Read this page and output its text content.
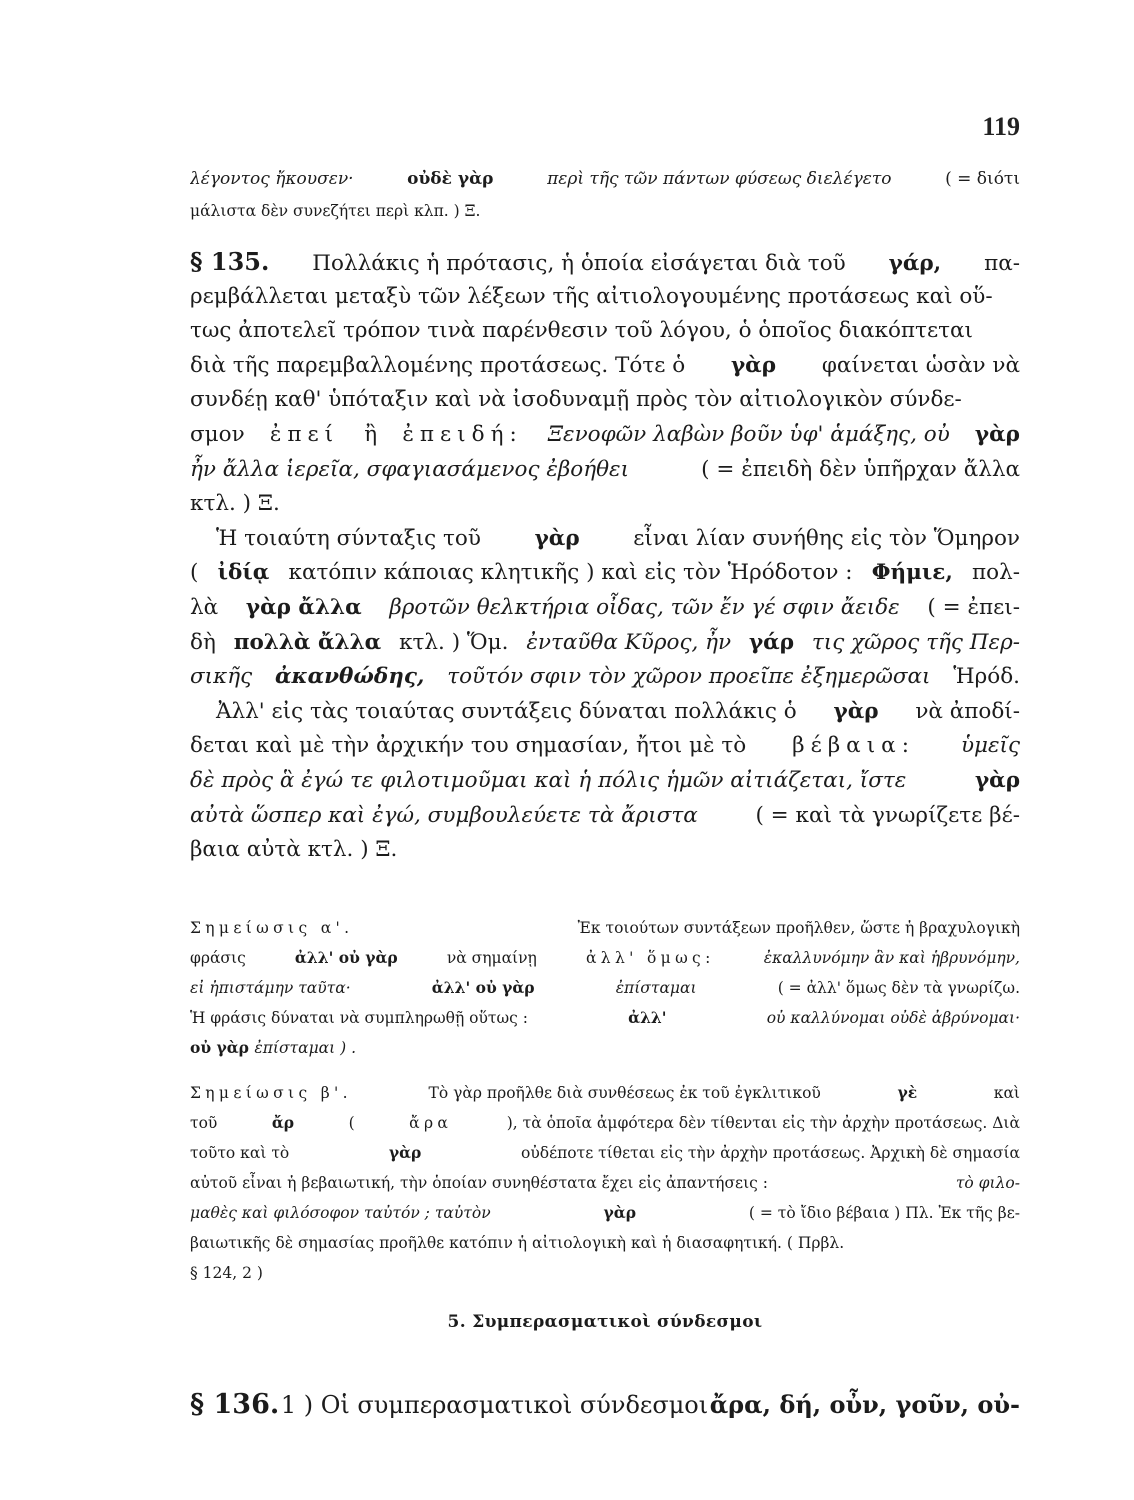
119
λέγοντος ἤκουσεν·	οὐδὲ γὰρ	περὶ τῆς τῶν πάντων φύσεως διελέγετο	( = διότι
μάλιστα δὲν συνεζήτει περὶ κλπ. ) Ξ.
§ 135. Πολλάκις ἡ πρότασις, ἡ ὁποία εἰσάγεται διὰ τοῦ γάρ, πα-
ρεμβάλλεται μεταξὺ τῶν λέξεων τῆς αἰτιολογουμένης προτάσεως καὶ οὕ-
τως ἀποτελεῖ τρόπον τινὰ παρένθεσιν τοῦ λόγου, ὁ ὁποῖος διακόπτεται
διὰ τῆς παρεμβαλλομένης προτάσεως. Τότε ὁ γὰρ φαίνεται ὡσὰν νὰ
συνδέῃ καθ' ὑπόταξιν καὶ νὰ ἰσοδυναμῇ πρὸς τὸν αἰτιολογικὸν σύνδε-
σμον ἐπεί ἢ ἐπειδή: Ξενοφῶν λαβὼν βοῦν ὑφ' ἁμάξης, οὐ γὰρ
ἦν ἄλλα ἱερεῖα, σφαγιασάμενος ἐβοήθει	( = ἐπειδὴ δὲν ὑπῆρχαν ἄλλα
κτλ. ) Ξ.
Ἡ τοιαύτη σύνταξις τοῦ γὰρ εἶναι λίαν συνήθης εἰς τὸν Ὅμηρον
( ἰδίᾳ κατόπιν κάποιας κλητικῆς ) καὶ εἰς τὸν Ἡρόδοτον : Φήμιε, πολ-
λὰ γὰρ ἄλλα βροτῶν θελκτήρια οἶδας, τῶν ἔν γέ σφιν ἄειδε ( = ἐπει-
δὴ πολλὰ ἄλλα κτλ. ) Ὅμ. ἐνταῦθα Κῦρος, ἦν γάρ τις χῶρος τῆς Περ-
σικῆς ἀκανθώδης, τοῦτόν σφιν τὸν χῶρον προεῖπε ἐξημερῶσαι Ἡρόδ.
Ἀλλ' εἰς τὰς τοιαύτας συντάξεις δύναται πολλάκις ὁ γὰρ νὰ ἀποδί-
δεται καὶ μὲ τὴν ἀρχικήν του σημασίαν, ἤτοι μὲ τὸ βέβαια: ὑμεῖς
δὲ πρὸς ἃ ἐγώ τε φιλοτιμοῦμαι καὶ ἡ πόλις ἡμῶν αἰτιάζεται, ἴστε	γὰρ
αὐτὰ ὥσπερ καὶ ἐγώ, συμβουλεύετε τὰ ἄριστα	( = καὶ τὰ γνωρίζετε βέ-
βαια αὐτὰ κτλ. ) Ξ.
Σημείωσις α'.	Ἐκ τοιούτων συντάξεων προῆλθεν, ὥστε ἡ βραχυλογικὴ
φράσις	ἀλλ' οὐ γὰρ	νὰ σημαίνῃ	ἀλλ' ὅμως:	ἐκαλλυνόμην ἂν καὶ ἡβρυνόμην,
εἰ ἠπιστάμην ταῦτα·	ἀλλ' οὐ γὰρ	ἐπίσταμαι	( = ἀλλ' ὅμως δὲν τὰ γνωρίζω.
Ἡ φράσις δύναται νὰ συμπληρωθῇ οὕτως :	ἀλλ'	οὐ καλλύνομαι οὐδὲ ἀβρύνομαι·
οὐ γὰρ ἐπίσταμαι ) .
Σημείωσις β'.	Τὸ γὰρ προῆλθε διὰ συνθέσεως ἐκ τοῦ ἐγκλιτικοῦ	γὲ	καὶ
τοῦ	ἄρ	(	ἄρα	), τὰ ὁποῖα ἀμφότερα δὲν τίθενται εἰς τὴν ἀρχὴν προτάσεως. Διὰ
τοῦτο καὶ τὸ	γὰρ	οὐδέποτε τίθεται εἰς τὴν ἀρχὴν προτάσεως. Ἀρχικὴ δὲ σημασία
αὐτοῦ εἶναι ἡ βεβαιωτική, τὴν ὁποίαν συνηθέστατα ἔχει εἰς ἀπαντήσεις :	τὸ φιλο-
μαθὲς καὶ φιλόσοφον ταὐτόν ; ταὐτὸν	γὰρ	( = τὸ ἴδιο βέβαια ) Πλ. Ἐκ τῆς βε-
βαιωτικῆς δὲ σημασίας προῆλθε κατόπιν ἡ αἰτιολογικὴ καὶ ἡ διασαφητική. ( Πρβλ.
§ 124, 2 )
5. Συμπερασματικοὶ σύνδεσμοι
§ 136. 1 ) Οἱ συμπερασματικοὶ σύνδεσμοι ἄρα, δή, οὖν, γοῦν, οὐ-
